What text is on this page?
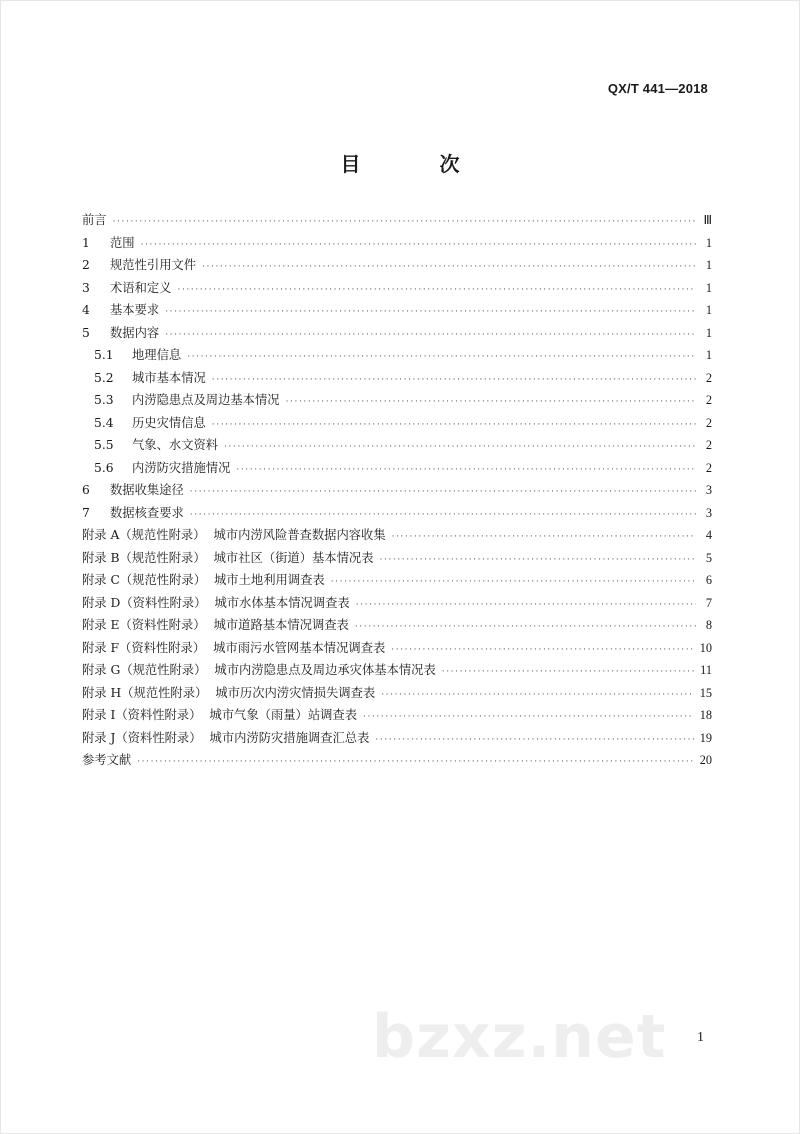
QX/T 441—2018
目 次
前言 ·····	Ⅲ
1	范围 ·····	1
2	规范性引用文件 ·····	1
3	术语和定义 ·····	1
4	基本要求 ·····	1
5	数据内容 ·····	1
5.1	地理信息 ·····	1
5.2	城市基本情况 ·····	2
5.3	内涝隐患点及周边基本情况 ·····	2
5.4	历史灾情信息 ·····	2
5.5	气象、水文资料 ·····	2
5.6	内涝防灾措施情况 ·····	2
6	数据收集途径 ·····	3
7	数据核查要求 ·····	3
附录 A（规范性附录） 城市内涝风险普查数据内容收集 ·····	4
附录 B（规范性附录） 城市社区（街道）基本情况表 ·····	5
附录 C（规范性附录） 城市土地利用调查表 ·····	6
附录 D（资料性附录） 城市水体基本情况调查表 ·····	7
附录 E（资料性附录） 城市道路基本情况调查表 ·····	8
附录 F（资料性附录） 城市雨污水管网基本情况调查表 ·····	10
附录 G（规范性附录） 城市内涝隐患点及周边承灾体基本情况表 ·····	11
附录 H（规范性附录） 城市历次内涝灾情损失调查表 ·····	15
附录 I（资料性附录） 城市气象（雨量）站调查表 ·····	18
附录 J（资料性附录） 城市内涝防灾措施调查汇总表 ·····	19
参考文献 ·····	20
bzxz.net 1
